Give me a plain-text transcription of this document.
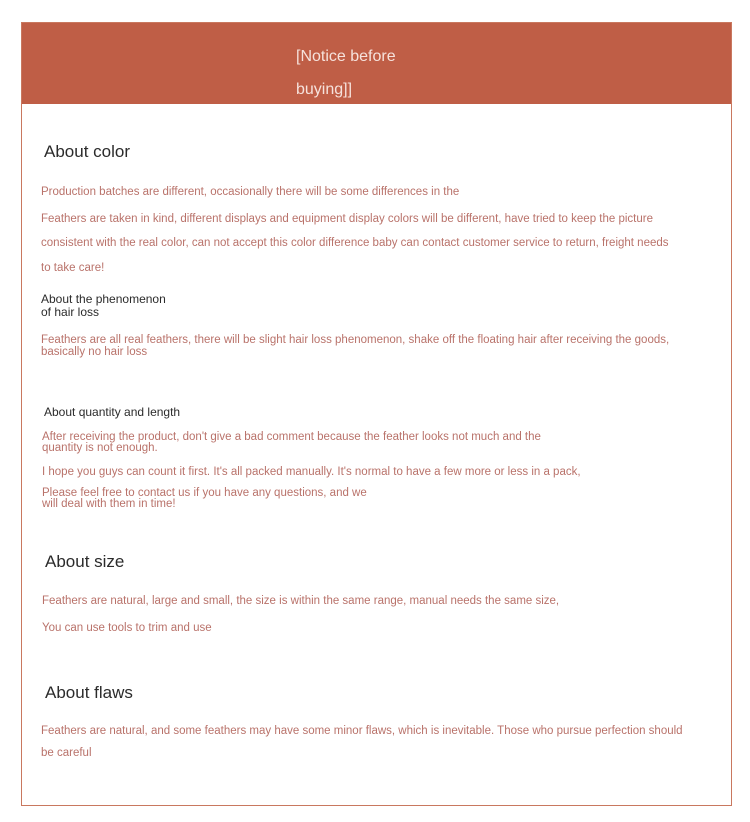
[Notice before
buying]]
About color
Production batches are different, occasionally there will be some differences in the
Feathers are taken in kind, different displays and equipment display colors will be different, have tried to keep the picture
consistent with the real color, can not accept this color difference baby can contact customer service to return, freight needs
to take care!
About the phenomenon of hair loss
Feathers are all real feathers, there will be slight hair loss phenomenon, shake off the floating hair after receiving the goods,
basically no hair loss
About quantity and length
After receiving the product, don't give a bad comment because the feather looks not much and the quantity is not enough.
I hope you guys can count it first. It's all packed manually. It's normal to have a few more or less in a pack,
Please feel free to contact us if you have any questions, and we will deal with them in time!
About size
Feathers are natural, large and small, the size is within the same range, manual needs the same size,
You can use tools to trim and use
About flaws
Feathers are natural, and some feathers may have some minor flaws, which is inevitable. Those who pursue perfection should
be careful
